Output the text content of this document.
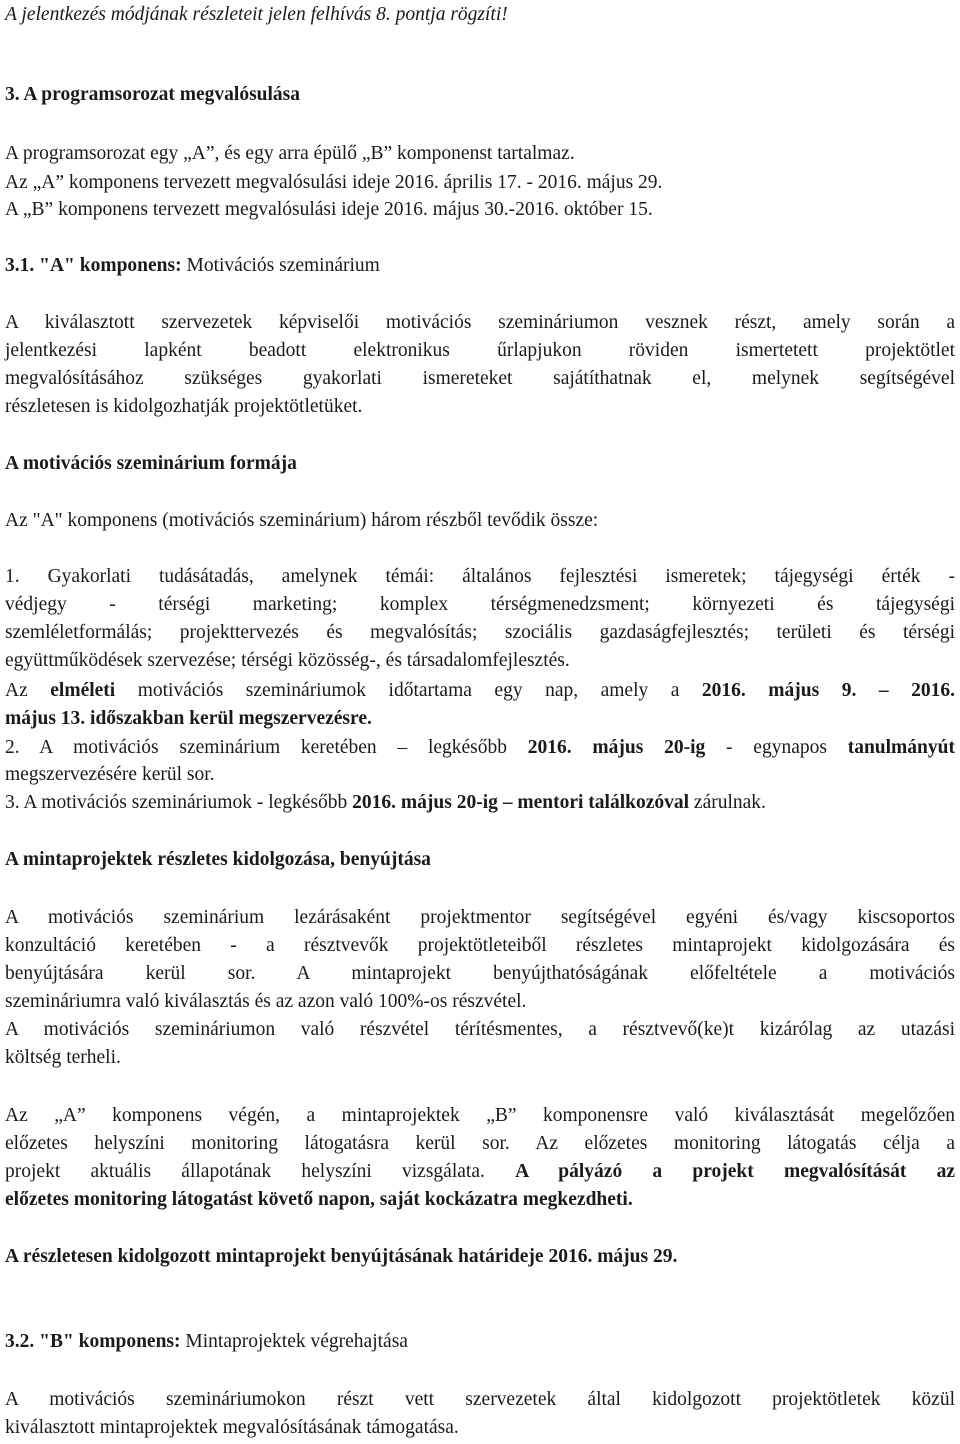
A jelentkezés módjának részleteit jelen felhívás 8. pontja rögzíti!
3. A programsorozat megvalósulása
A programsorozat egy „A”, és egy arra épülő „B” komponenst tartalmaz.
Az „A” komponens tervezett megvalósulási ideje 2016. április 17. - 2016. május 29.
A „B” komponens tervezett megvalósulási ideje 2016. május 30.-2016. október 15.
3.1. "A" komponens: Motivációs szeminárium
A kiválasztott szervezetek képviselői motivációs szemináriumon vesznek részt, amely során a
jelentkezési lapként beadott elektronikus űrlapjukon röviden ismertetett projektötlet
megvalósításához szükséges gyakorlati ismereteket sajátíthatnak el, melynek segítségével
részletesen is kidolgozhatják projektötletüket.
A motivációs szeminárium formája
Az "A" komponens (motivációs szeminárium) három részből tevődik össze:
1. Gyakorlati tudásátadás, amelynek témái: általános fejlesztési ismeretek; tájegységi érték -
védjegy - térségi marketing; komplex térségmenedzsment; környezeti és tájegységi
szemléletformálás; projekttervezés és megvalósítás; szociális gazdaságfejlesztés; területi és térségi
együttműködések szervezése; térségi közösség-, és társadalomfejlesztés.
Az elméleti motivációs szemináriumok időtartama egy nap, amely a 2016. május 9. – 2016.
május 13. időszakban kerül megszervezésre.
2. A motivációs szeminárium keretében – legkésőbb 2016. május 20-ig - egynapos tanulmányút
megszervezésére kerül sor.
3. A motivációs szemináriumok - legkésőbb 2016. május 20-ig – mentori találkozóval zárulnak.
A mintaprojektek részletes kidolgozása, benyújtása
A motivációs szeminárium lezárásaként projektmentor segítségével egyéni és/vagy kiscsoportos
konzultáció keretében - a résztvevők projektötleteiből részletes mintaprojekt kidolgozására és
benyújtására kerül sor. A mintaprojekt benyújthatóságának előfeltétele a motivációs
szemináriumra való kiválasztás és az azon való 100%-os részvétel.
A motivációs szemináriumon való részvétel térítésmentes, a résztvevő(ke)t kizárólag az utazási
költség terheli.
Az „A” komponens végén, a mintaprojektek „B” komponensre való kiválasztását megelőzően
előzetes helyszíni monitoring látogatásra kerül sor. Az előzetes monitoring látogatás célja a
projekt aktuális állapotának helyszíni vizsgálata. A pályázó a projekt megvalósítását az
előzetes monitoring látogatást követő napon, saját kockázatra megkezdheti.
A részletesen kidolgozott mintaprojekt benyújtásának határideje 2016. május 29.
3.2. "B" komponens: Mintaprojektek végrehajtása
A motivációs szemináriumokon részt vett szervezetek által kidolgozott projektötletek közül
kiválasztott mintaprojektek megvalósításának támogatása.
